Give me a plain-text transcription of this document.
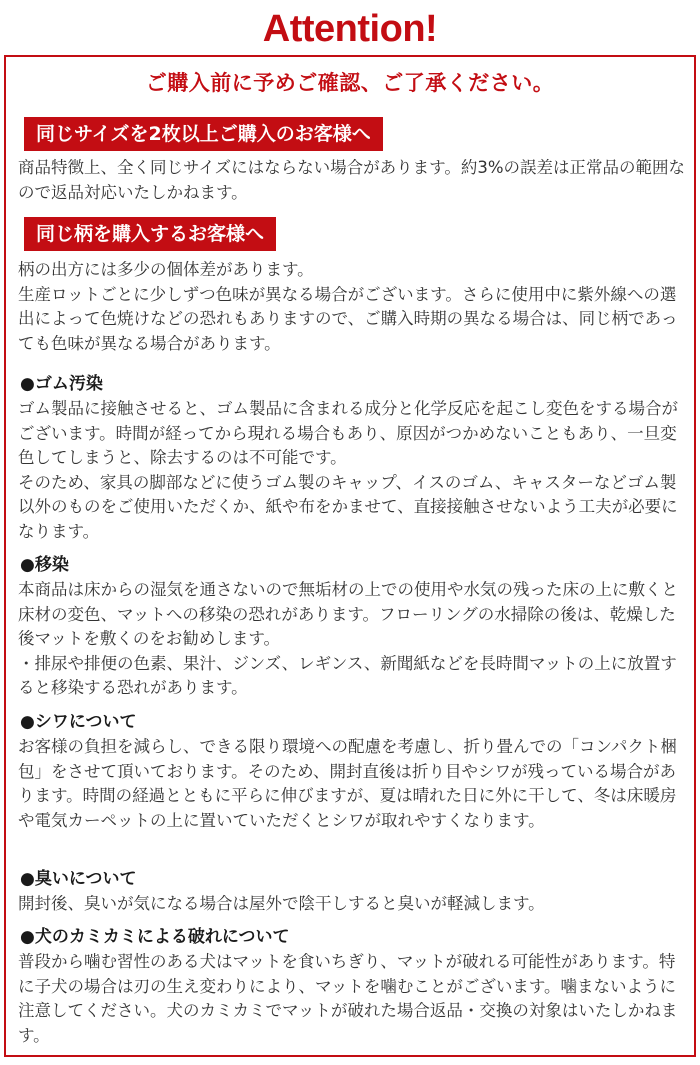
Attention!
ご購入前に予めご確認、ご了承ください。
同じサイズを2枚以上ご購入のお客様へ

商品特徴上、全く同じサイズにはならない場合があります。約3%の誤差は正常品の範囲なので返品対応いたしかねます。

同じ柄を購入するお客様へ

柄の出方には多少の個体差があります。

生産ロットごとに少しずつ色味が異なる場合がございます。さらに使用中に紫外線への選出によって色焼けなどの恐れもありますので、ご購入時期の異なる場合は、同じ柄であっても色味が異なる場合があります。

●ゴム汚染

ゴム製品に接触させると、ゴム製品に含まれる成分と化学反応を起こし変色をする場合がございます。時間が経ってから現れる場合もあり、原因がつかめないこともあり、一旦変色してしまうと、除去するのは不可能です。

そのため、家具の脚部などに使うゴム製のキャップ、イスのゴム、キャスターなどゴム製以外のものをご使用いただくか、紙や布をかませて、直接接触させないよう工夫が必要になります。

●移染

本商品は床からの湿気を通さないので無垢材の上での使用や水気の残った床の上に敷くと床材の変色、マットへの移染の恐れがあります。フローリングの水掃除の後は、乾燥した後マットを敷くのをお勧めします。

・排尿や排便の色素、果汁、ジンズ、レギンス、新聞紙などを長時間マットの上に放置すると移染する恐れがあります。

●シワについて

お客様の負担を減らし、できる限り環境への配慮を考慮し、折り畳んでの「コンパクト梱包」をさせて頂いております。そのため、開封直後は折り目やシワが残っている場合があります。時間の経過とともに平らに伸びますが、夏は晴れた日に外に干して、冬は床暖房や電気カーペットの上に置いていただくとシワが取れやすくなります。

●臭いについて

開封後、臭いが気になる場合は屋外で陰干しすると臭いが軽減します。

●犬のカミカミによる破れについて

普段から噛む習性のある犬はマットを食いちぎり、マットが破れる可能性があります。特に子犬の場合は刃の生え変わりにより、マットを噛むことがございます。噛まないように注意してください。犬のカミカミでマットが破れた場合返品・交換の対象はいたしかねます。
